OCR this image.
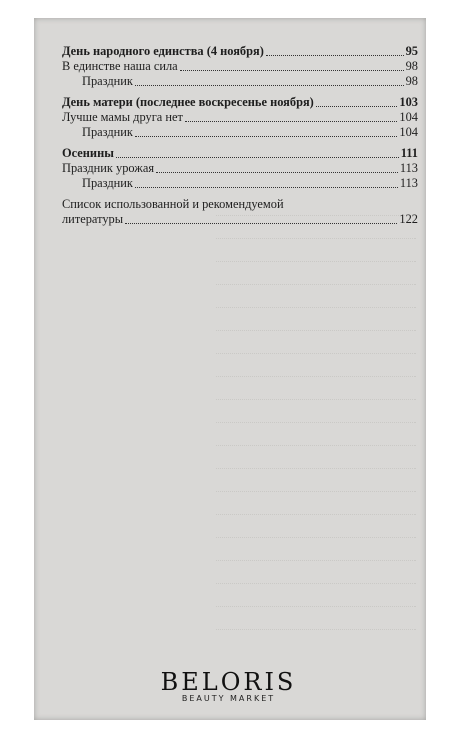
День народного единства (4 ноября)	95
В единстве наша сила	98
Праздник	98
День матери (последнее воскресенье ноября)	103
Лучше мамы друга нет	104
Праздник	104
Осенины	111
Праздник урожая	113
Праздник	113
Список использованной и рекомендуемой
литературы	122
BELORIS
BEAUTY MARKET
